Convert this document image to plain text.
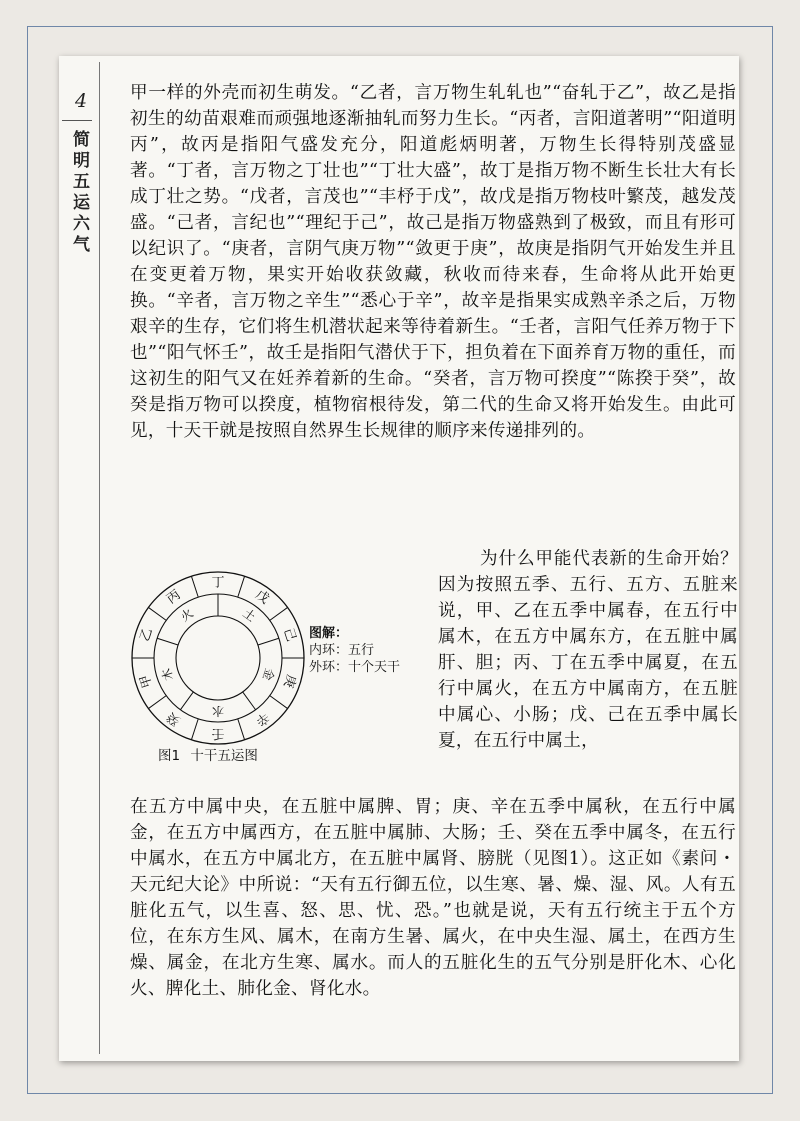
4
简明五运六气

甲一样的外壳而初生萌发。“乙者，言万物生轧轧也”“奋轧于乙”，故乙是指初生的幼苗艰难而顽强地逐渐抽轧而努力生长。“丙者，言阳道著明”“阳道明丙”，故丙是指阳气盛发充分，阳道彪炳明著，万物生长得特别茂盛显著。“丁者，言万物之丁壮也”“丁壮大盛”，故丁是指万物不断生长壮大有长成丁壮之势。“戊者，言茂也”“丰杼于戊”，故戊是指万物枝叶繁茂，越发茂盛。“己者，言纪也”“理纪于己”，故己是指万物盛熟到了极致，而且有形可以纪识了。“庚者，言阴气庚万物”“敛更于庚”，故庚是指阴气开始发生并且在变更着万物，果实开始收获敛藏，秋收而待来春，生命将从此开始更换。“辛者，言万物之辛生”“悉心于辛”，故辛是指果实成熟辛杀之后，万物艰辛的生存，它们将生机潜状起来等待着新生。“壬者，言阳气任养万物于下也”“阳气怀壬”，故壬是指阳气潜伏于下，担负着在下面养育万物的重任，而这初生的阳气又在妊养着新的生命。“癸者，言万物可揆度”“陈揆于癸”，故癸是指万物可以揆度，植物宿根待发，第二代的生命又将开始发生。由此可见，十天干就是按照自然界生长规律的顺序来传递排列的。

为什么甲能代表新的生命开始？因为按照五季、五行、五方、五脏来说，甲、乙在五季中属春，在五行中属木，在五方中属东方，在五脏中属肝、胆；丙、丁在五季中属夏，在五行中属火，在五方中属南方，在五脏中属心、小肠；戊、己在五季中属长夏，在五行中属土，

在五方中属中央，在五脏中属脾、胃；庚、辛在五季中属秋，在五行中属金，在五方中属西方，在五脏中属肺、大肠；壬、癸在五季中属冬，在五行中属水，在五方中属北方，在五脏中属肾、膀胱（见图1）。这正如《素问・天元纪大论》中所说：“天有五行御五位，以生寒、暑、燥、湿、风。人有五脏化五气，以生喜、怒、思、忧、恐。”也就是说，天有五行统主于五个方位，在东方生风、属木，在南方生暑、属火，在中央生湿、属土，在西方生燥、属金，在北方生寒、属水。而人的五脏化生的五气分别是肝化木、心化火、脾化土、肺化金、肾化水。

丁
戊
己
庚
辛
壬
癸
甲
乙
丙
火	土
金
水
木
图解：
内环：五行
外环：十个天干
图1 十干五运图
